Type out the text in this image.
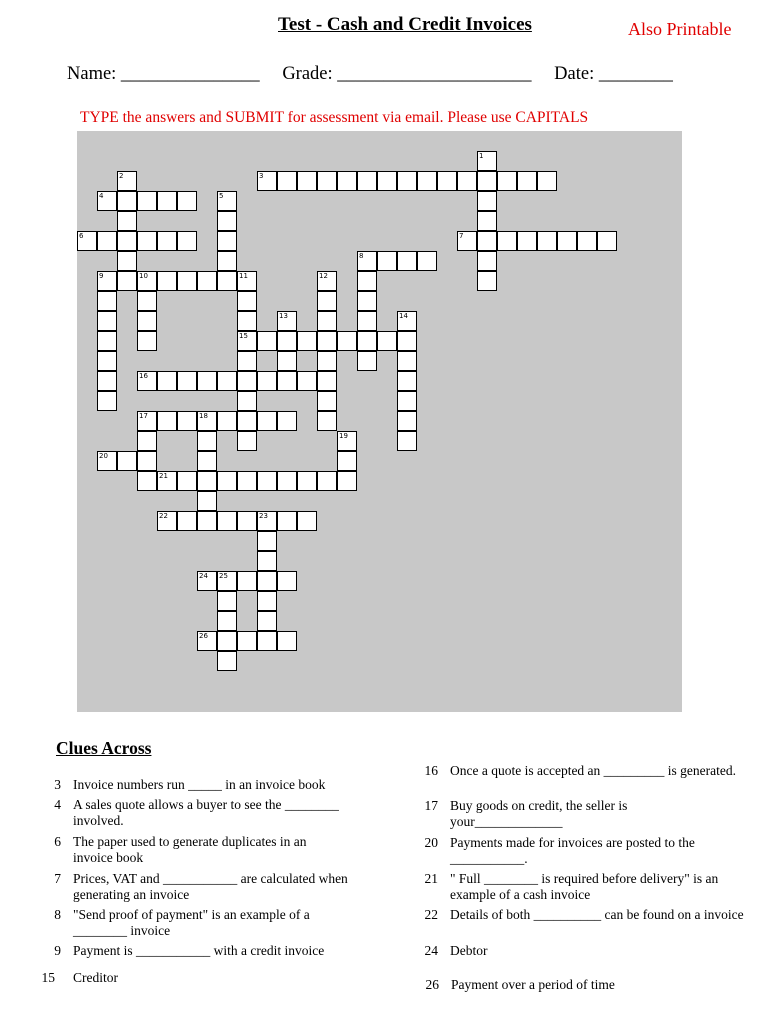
Test - Cash and Credit Invoices	Also Printable
Name: _______________ Grade: _____________________ Date: ________
TYPE the answers and SUBMIT for assessment via email. Please use CAPITALS
1
2	3
4	5
6	7
8
9	10	11	12
13	14
15
16
17	18
19
20
21
22	23
24 25
26
Clues Across
3 Invoice numbers run _____ in an invoice book
4 A sales quote allows a buyer to see the ________ involved.
6 The paper used to generate duplicates in an invoice book
7 Prices, VAT and ___________ are calculated when generating an invoice
8 "Send proof of payment" is an example of a ________ invoice
9 Payment is ___________ with a credit invoice
15 Creditor
16 Once a quote is accepted an _________ is generated.
17 Buy goods on credit, the seller is your_____________
20 Payments made for invoices are posted to the ___________.
21 " Full ________ is required before delivery" is an example of a cash invoice
22 Details of both __________ can be found on a invoice
24 Debtor
26 Payment over a period of time
